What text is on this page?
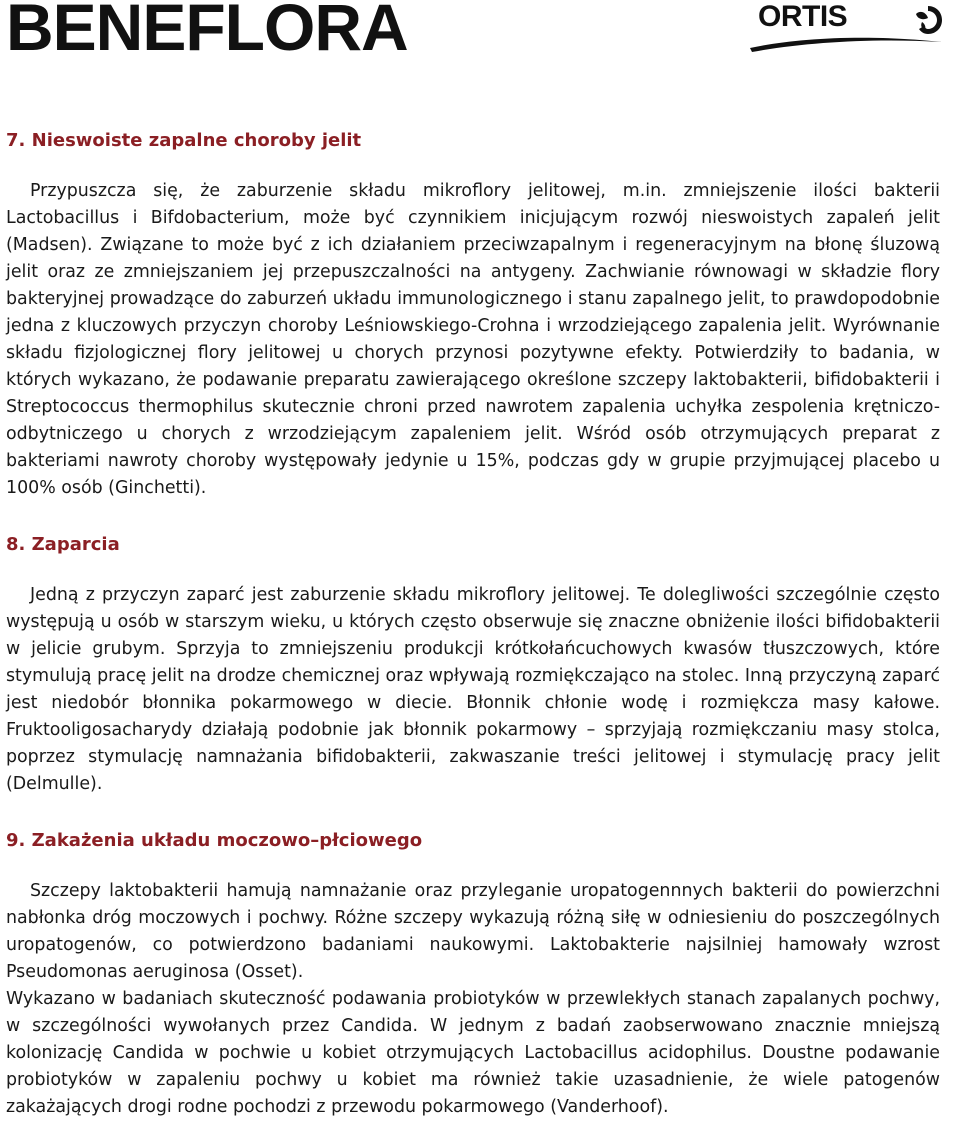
BENEFLORA	ORTIS
7. Nieswoiste zapalne choroby jelit

Przypuszcza się, że zaburzenie składu mikroflory jelitowej, m.in. zmniejszenie ilości bakterii Lactobacillus i Bifdobacterium, może być czynnikiem inicjującym rozwój nieswoistych zapaleń jelit (Madsen). Związane to może być z ich działaniem przeciwzapalnym i regeneracyjnym na błonę śluzową jelit oraz ze zmniejszaniem jej przepuszczalności na antygeny. Zachwianie równowagi w składzie flory bakteryjnej prowadzące do zaburzeń układu immunologicznego i stanu zapalnego jelit, to prawdopodobnie jedna z kluczowych przyczyn choroby Leśniowskiego-Crohna i wrzodziejącego zapalenia jelit. Wyrównanie składu fizjologicznej flory jelitowej u chorych przynosi pozytywne efekty. Potwierdziły to badania, w których wykazano, że podawanie preparatu zawierającego określone szczepy laktobakterii, bifidobakterii i Streptococcus thermophilus skutecznie chroni przed nawrotem zapalenia uchyłka zespolenia krętniczo-odbytniczego u chorych z wrzodziejącym zapaleniem jelit. Wśród osób otrzymujących preparat z bakteriami nawroty choroby występowały jedynie u 15%, podczas gdy w grupie przyjmującej placebo u 100% osób (Ginchetti).

8. Zaparcia

Jedną z przyczyn zaparć jest zaburzenie składu mikroflory jelitowej. Te dolegliwości szczególnie często występują u osób w starszym wieku, u których często obserwuje się znaczne obniżenie ilości bifidobakterii w jelicie grubym. Sprzyja to zmniejszeniu produkcji krótkołańcuchowych kwasów tłuszczowych, które stymulują pracę jelit na drodze chemicznej oraz wpływają rozmiękczająco na stolec. Inną przyczyną zaparć jest niedobór błonnika pokarmowego w diecie. Błonnik chłonie wodę i rozmiękcza masy kałowe. Fruktooligosacharydy działają podobnie jak błonnik pokarmowy – sprzyjają rozmiękczaniu masy stolca, poprzez stymulację namnażania bifidobakterii, zakwaszanie treści jelitowej i stymulację pracy jelit (Delmulle).

9. Zakażenia układu moczowo–płciowego

Szczepy laktobakterii hamują namnażanie oraz przyleganie uropatogennnych bakterii do powierzchni nabłonka dróg moczowych i pochwy. Różne szczepy wykazują różną siłę w odniesieniu do poszczególnych uropatogenów, co potwierdzono badaniami naukowymi. Laktobakterie najsilniej hamowały wzrost Pseudomonas aeruginosa (Osset).

Wykazano w badaniach skuteczność podawania probiotyków w przewlekłych stanach zapalanych pochwy, w szczególności wywołanych przez Candida. W jednym z badań zaobserwowano znacznie mniejszą kolonizację Candida w pochwie u kobiet otrzymujących Lactobacillus acidophilus. Doustne podawanie probiotyków w zapaleniu pochwy u kobiet ma również takie uzasadnienie, że wiele patogenów zakażających drogi rodne pochodzi z przewodu pokarmowego (Vanderhoof).
